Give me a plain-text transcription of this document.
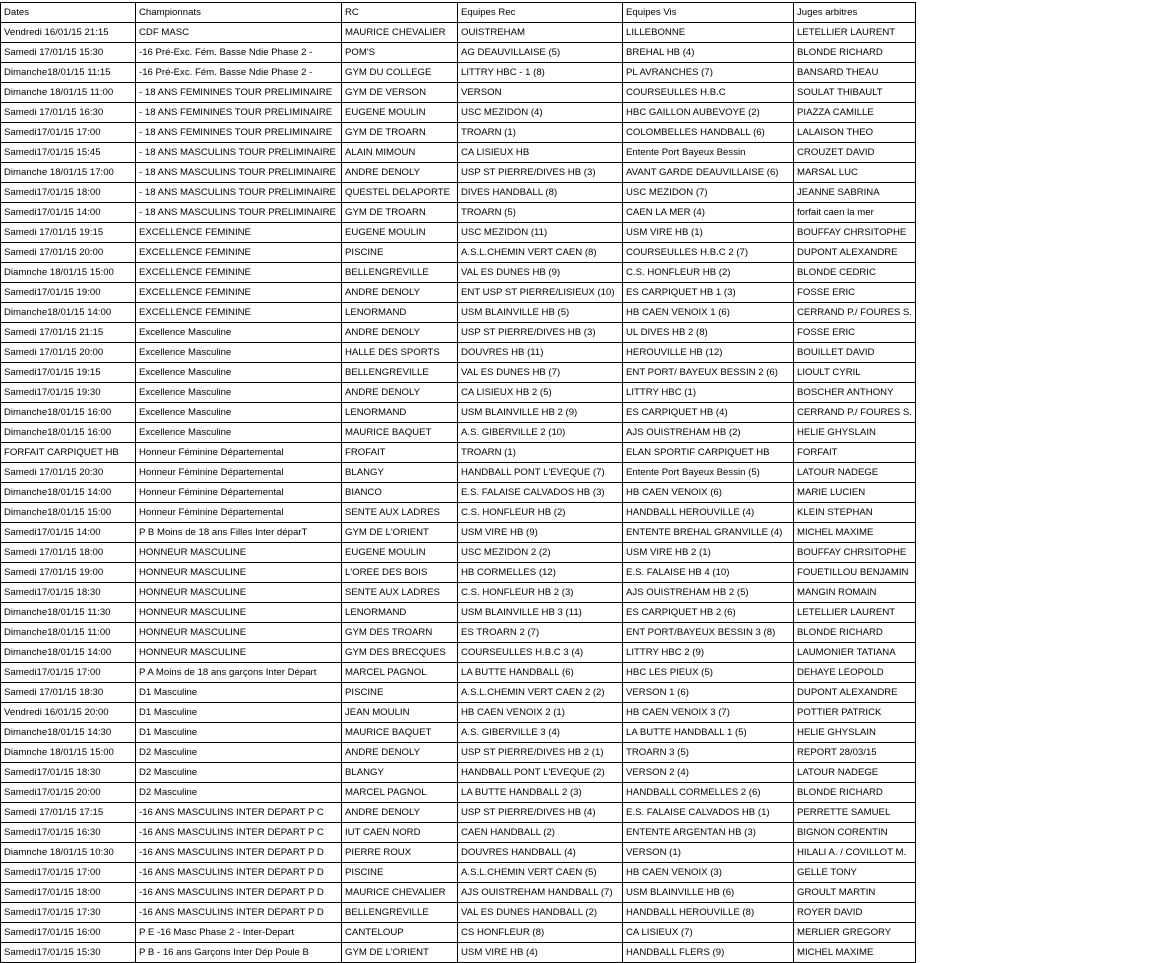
Dates	Championnats	RC	Equipes Rec	Equipes Vis	Juges arbitres
Vendredi 16/01/15 21:15	CDF MASC	MAURICE CHEVALIER	OUISTREHAM	LILLEBONNE	LETELLIER LAURENT
Samedi 17/01/15 15:30	-16 Pré-Exc. Fém. Basse Ndie Phase 2 -	POM'S	AG DEAUVILLAISE (5)	BREHAL HB (4)	BLONDE RICHARD
Dimanche18/01/15 11:15	-16 Pré-Exc. Fém. Basse Ndie Phase 2 -	GYM DU COLLEGE	LITTRY HBC - 1 (8)	PL AVRANCHES (7)	BANSARD THEAU
Dimanche 18/01/15 11:00	- 18 ANS FEMININES TOUR PRELIMINAIRE	GYM DE VERSON	VERSON	COURSEULLES H.B.C	SOULAT THIBAULT
Samedi 17/01/15 16:30	- 18 ANS FEMININES TOUR PRELIMINAIRE	EUGENE MOULIN	USC MEZIDON (4)	HBC GAILLON AUBEVOYE (2)	PIAZZA CAMILLE
Samedi17/01/15 17:00	- 18 ANS FEMININES TOUR PRELIMINAIRE	GYM DE TROARN	TROARN (1)	COLOMBELLES HANDBALL (6)	LALAISON THEO
Samedi17/01/15 15:45	- 18 ANS MASCULINS TOUR PRELIMINAIRE	ALAIN MIMOUN	CA LISIEUX HB	Entente Port Bayeux Bessin	CROUZET DAVID
Dimanche 18/01/15 17:00	- 18 ANS MASCULINS TOUR PRELIMINAIRE	ANDRE DENOLY	USP ST PIERRE/DIVES HB (3)	AVANT GARDE DEAUVILLAISE (6)	MARSAL LUC
Samedi17/01/15 18:00	- 18 ANS MASCULINS TOUR PRELIMINAIRE	QUESTEL DELAPORTE	DIVES HANDBALL (8)	USC MEZIDON (7)	JEANNE SABRINA
Samedi17/01/15 14:00	- 18 ANS MASCULINS TOUR PRELIMINAIRE	GYM DE TROARN	TROARN (5)	CAEN LA MER (4)	forfait caen la mer
Samedi 17/01/15 19:15	EXCELLENCE FEMININE	EUGENE MOULIN	USC MEZIDON (11)	USM VIRE HB (1)	BOUFFAY CHRSITOPHE
Samedi 17/01/15 20:00	EXCELLENCE FEMININE	PISCINE	A.S.L.CHEMIN VERT CAEN (8)	COURSEULLES H.B.C 2 (7)	DUPONT ALEXANDRE
Diamnche 18/01/15 15:00	EXCELLENCE FEMININE	BELLENGREVILLE	VAL ES DUNES HB (9)	C.S. HONFLEUR HB (2)	BLONDE CEDRIC
Samedi17/01/15 19:00	EXCELLENCE FEMININE	ANDRE DENOLY	ENT USP ST PIERRE/LISIEUX (10)	ES CARPIQUET HB 1 (3)	FOSSE ERIC
Dimanche18/01/15 14:00	EXCELLENCE FEMININE	LENORMAND	USM BLAINVILLE HB (5)	HB CAEN VENOIX 1 (6)	CERRAND P./ FOURES S.
Samedi 17/01/15 21:15	Excellence Masculine	ANDRE DENOLY	USP ST PIERRE/DIVES HB (3)	UL DIVES HB 2 (8)	FOSSE ERIC
Samedi 17/01/15 20:00	Excellence Masculine	HALLE DES SPORTS	DOUVRES HB (11)	HEROUVILLE HB (12)	BOUILLET DAVID
Samedi17/01/15 19:15	Excellence Masculine	BELLENGREVILLE	VAL ES DUNES HB (7)	ENT PORT/ BAYEUX BESSIN 2 (6)	LIOULT CYRIL
Samedi17/01/15 19:30	Excellence Masculine	ANDRE DENOLY	CA LISIEUX HB 2 (5)	LITTRY HBC (1)	BOSCHER ANTHONY
Dimanche18/01/15 16:00	Excellence Masculine	LENORMAND	USM BLAINVILLE HB 2 (9)	ES CARPIQUET HB (4)	CERRAND P./ FOURES S.
Dimanche18/01/15 16:00	Excellence Masculine	MAURICE BAQUET	A.S. GIBERVILLE 2 (10)	AJS OUISTREHAM HB (2)	HELIE GHYSLAIN
FORFAIT CARPIQUET HB	Honneur Féminine Départemental	FROFAIT	TROARN (1)	ELAN SPORTIF CARPIQUET HB	FORFAIT
Samedi 17/01/15 20:30	Honneur Féminine Départemental	BLANGY	HANDBALL PONT L'EVEQUE (7)	Entente Port Bayeux Bessin (5)	LATOUR NADEGE
Dimanche18/01/15 14:00	Honneur Féminine Départemental	BIANCO	E.S. FALAISE CALVADOS HB (3)	HB CAEN VENOIX (6)	MARIE LUCIEN
Dimanche18/01/15 15:00	Honneur Féminine Départemental	SENTE AUX LADRES	C.S. HONFLEUR HB (2)	HANDBALL HEROUVILLE (4)	KLEIN STEPHAN
Samedi17/01/15 14:00	P B Moins de 18 ans Filles Inter déparT	GYM DE L'ORIENT	USM VIRE HB (9)	ENTENTE BREHAL GRANVILLE (4)	MICHEL MAXIME
Samedi 17/01/15 18:00	HONNEUR MASCULINE	EUGENE MOULIN	USC MEZIDON 2 (2)	USM VIRE HB 2 (1)	BOUFFAY CHRSITOPHE
Samedi 17/01/15 19:00	HONNEUR MASCULINE	L'OREE DES BOIS	HB CORMELLES (12)	E.S. FALAISE HB 4 (10)	FOUETILLOU BENJAMIN
Samedi17/01/15 18:30	HONNEUR MASCULINE	SENTE AUX LADRES	C.S. HONFLEUR HB 2 (3)	AJS OUISTREHAM HB 2 (5)	MANGIN ROMAIN
Dimanche18/01/15 11:30	HONNEUR MASCULINE	LENORMAND	USM BLAINVILLE HB 3 (11)	ES CARPIQUET HB 2 (6)	LETELLIER LAURENT
Dimanche18/01/15 11:00	HONNEUR MASCULINE	GYM DES TROARN	ES TROARN 2 (7)	ENT PORT/BAYEUX BESSIN 3 (8)	BLONDE RICHARD
Dimanche18/01/15 14:00	HONNEUR MASCULINE	GYM DES BRECQUES	COURSEULLES H.B.C 3 (4)	LITTRY HBC 2 (9)	LAUMONIER TATIANA
Samedi17/01/15 17:00	P A Moins de 18 ans garçons Inter Départ	MARCEL PAGNOL	LA BUTTE HANDBALL (6)	HBC LES PIEUX (5)	DEHAYE LEOPOLD
Samedi 17/01/15 18:30	D1 Masculine	PISCINE	A.S.L.CHEMIN VERT CAEN 2 (2)	VERSON 1 (6)	DUPONT ALEXANDRE
Vendredi 16/01/15 20:00	D1 Masculine	JEAN MOULIN	HB CAEN VENOIX 2 (1)	HB CAEN VENOIX 3 (7)	POTTIER PATRICK
Dimanche18/01/15 14:30	D1 Masculine	MAURICE BAQUET	A.S. GIBERVILLE 3 (4)	LA BUTTE HANDBALL 1 (5)	HELIE GHYSLAIN
Diamnche 18/01/15 15:00	D2 Masculine	ANDRE DENOLY	USP ST PIERRE/DIVES HB 2 (1)	TROARN 3 (5)	REPORT 28/03/15
Samedi17/01/15 18:30	D2 Masculine	BLANGY	HANDBALL PONT L'EVEQUE (2)	VERSON 2 (4)	LATOUR NADEGE
Samedi17/01/15 20:00	D2 Masculine	MARCEL PAGNOL	LA BUTTE HANDBALL 2 (3)	HANDBALL CORMELLES 2 (6)	BLONDE RICHARD
Samedi 17/01/15 17:15	-16 ANS MASCULINS INTER DEPART P C	ANDRE DENOLY	USP ST PIERRE/DIVES HB (4)	E.S. FALAISE CALVADOS HB (1)	PERRETTE SAMUEL
Samedi17/01/15 16:30	-16 ANS MASCULINS INTER DEPART P C	IUT CAEN NORD	CAEN HANDBALL (2)	ENTENTE ARGENTAN HB (3)	BIGNON CORENTIN
Diamnche 18/01/15 10:30	-16 ANS MASCULINS INTER DEPART P D	PIERRE ROUX	DOUVRES HANDBALL (4)	VERSON (1)	HILALI A. / COVILLOT M.
Samedi17/01/15 17:00	-16 ANS MASCULINS INTER DEPART P D	PISCINE	A.S.L.CHEMIN VERT CAEN (5)	HB CAEN VENOIX (3)	GELLE TONY
Samedi17/01/15 18:00	-16 ANS MASCULINS INTER DEPART P D	MAURICE CHEVALIER	AJS OUISTREHAM HANDBALL (7)	USM BLAINVILLE HB (6)	GROULT MARTIN
Samedi17/01/15 17:30	-16 ANS MASCULINS INTER DEPART P D	BELLENGREVILLE	VAL ES DUNES HANDBALL (2)	HANDBALL HEROUVILLE (8)	ROYER DAVID
Samedi17/01/15 16:00	P E -16 Masc Phase 2 - Inter-Depart	CANTELOUP	CS HONFLEUR (8)	CA LISIEUX (7)	MERLIER GREGORY
Samedi17/01/15 15:30	P B - 16 ans Garçons Inter Dép Poule B	GYM DE L'ORIENT	USM VIRE HB (4)	HANDBALL FLERS (9)	MICHEL MAXIME
